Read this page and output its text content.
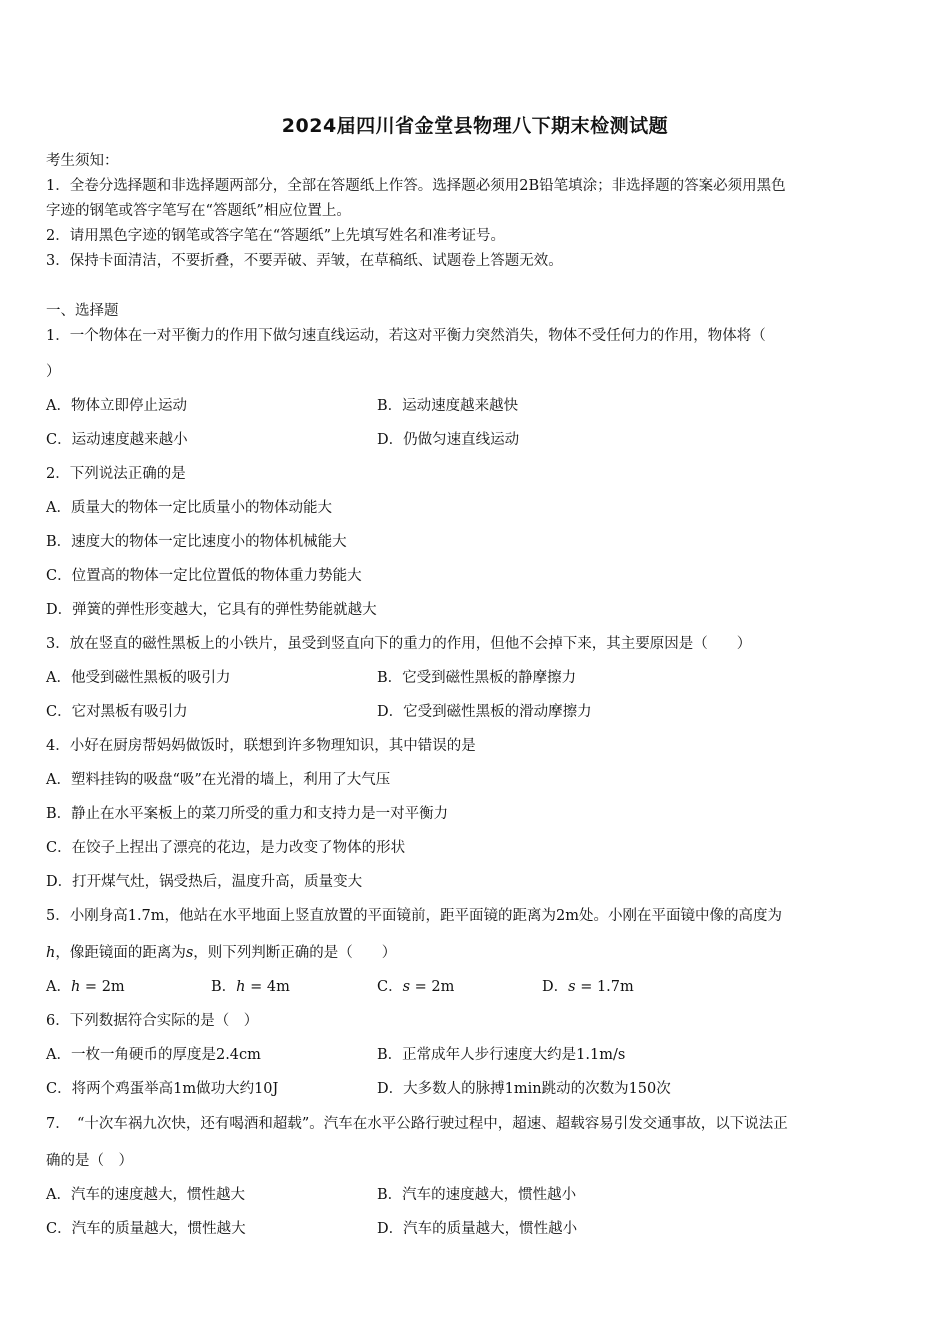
2024届四川省金堂县物理八下期末检测试题
考生须知：
1．全卷分选择题和非选择题两部分，全部在答题纸上作答。选择题必须用2B铅笔填涂；非选择题的答案必须用黑色
字迹的钢笔或答字笔写在“答题纸”相应位置上。
2．请用黑色字迹的钢笔或答字笔在“答题纸”上先填写姓名和准考证号。
3．保持卡面清洁，不要折叠，不要弄破、弄皱，在草稿纸、试题卷上答题无效。
一、选择题
1．一个物体在一对平衡力的作用下做匀速直线运动，若这对平衡力突然消失，物体不受任何力的作用，物体将（
）
A．物体立即停止运动	B．运动速度越来越快
C．运动速度越来越小	D．仍做匀速直线运动
2．下列说法正确的是
A．质量大的物体一定比质量小的物体动能大
B．速度大的物体一定比速度小的物体机械能大
C．位置高的物体一定比位置低的物体重力势能大
D．弹簧的弹性形变越大，它具有的弹性势能就越大
3．放在竖直的磁性黑板上的小铁片，虽受到竖直向下的重力的作用，但他不会掉下来，其主要原因是（　　）
A．他受到磁性黑板的吸引力	B．它受到磁性黑板的静摩擦力
C．它对黑板有吸引力	D．它受到磁性黑板的滑动摩擦力
4．小好在厨房帮妈妈做饭时，联想到许多物理知识，其中错误的是
A．塑料挂钩的吸盘“吸”在光滑的墙上，利用了大气压
B．静止在水平案板上的菜刀所受的重力和支持力是一对平衡力
C．在饺子上捏出了漂亮的花边，是力改变了物体的形状
D．打开煤气灶，锅受热后，温度升高，质量变大
5．小刚身高1.7m，他站在水平地面上竖直放置的平面镜前，距平面镜的距离为2m处。小刚在平面镜中像的高度为
h，像距镜面的距离为s，则下列判断正确的是（　　）
A．h = 2m	B．h = 4m	C．s = 2m	D．s = 1.7m
6．下列数据符合实际的是（　）
A．一枚一角硬币的厚度是2.4cm	B．正常成年人步行速度大约是1.1m/s
C．将两个鸡蛋举高1m做功大约10J	D．大多数人的脉搏1min跳动的次数为150次
7．　“十次车祸九次快，还有喝酒和超载”。汽车在水平公路行驶过程中，超速、超载容易引发交通事故，以下说法正
确的是（　）
A．汽车的速度越大，惯性越大	B．汽车的速度越大，惯性越小
C．汽车的质量越大，惯性越大	D．汽车的质量越大，惯性越小
